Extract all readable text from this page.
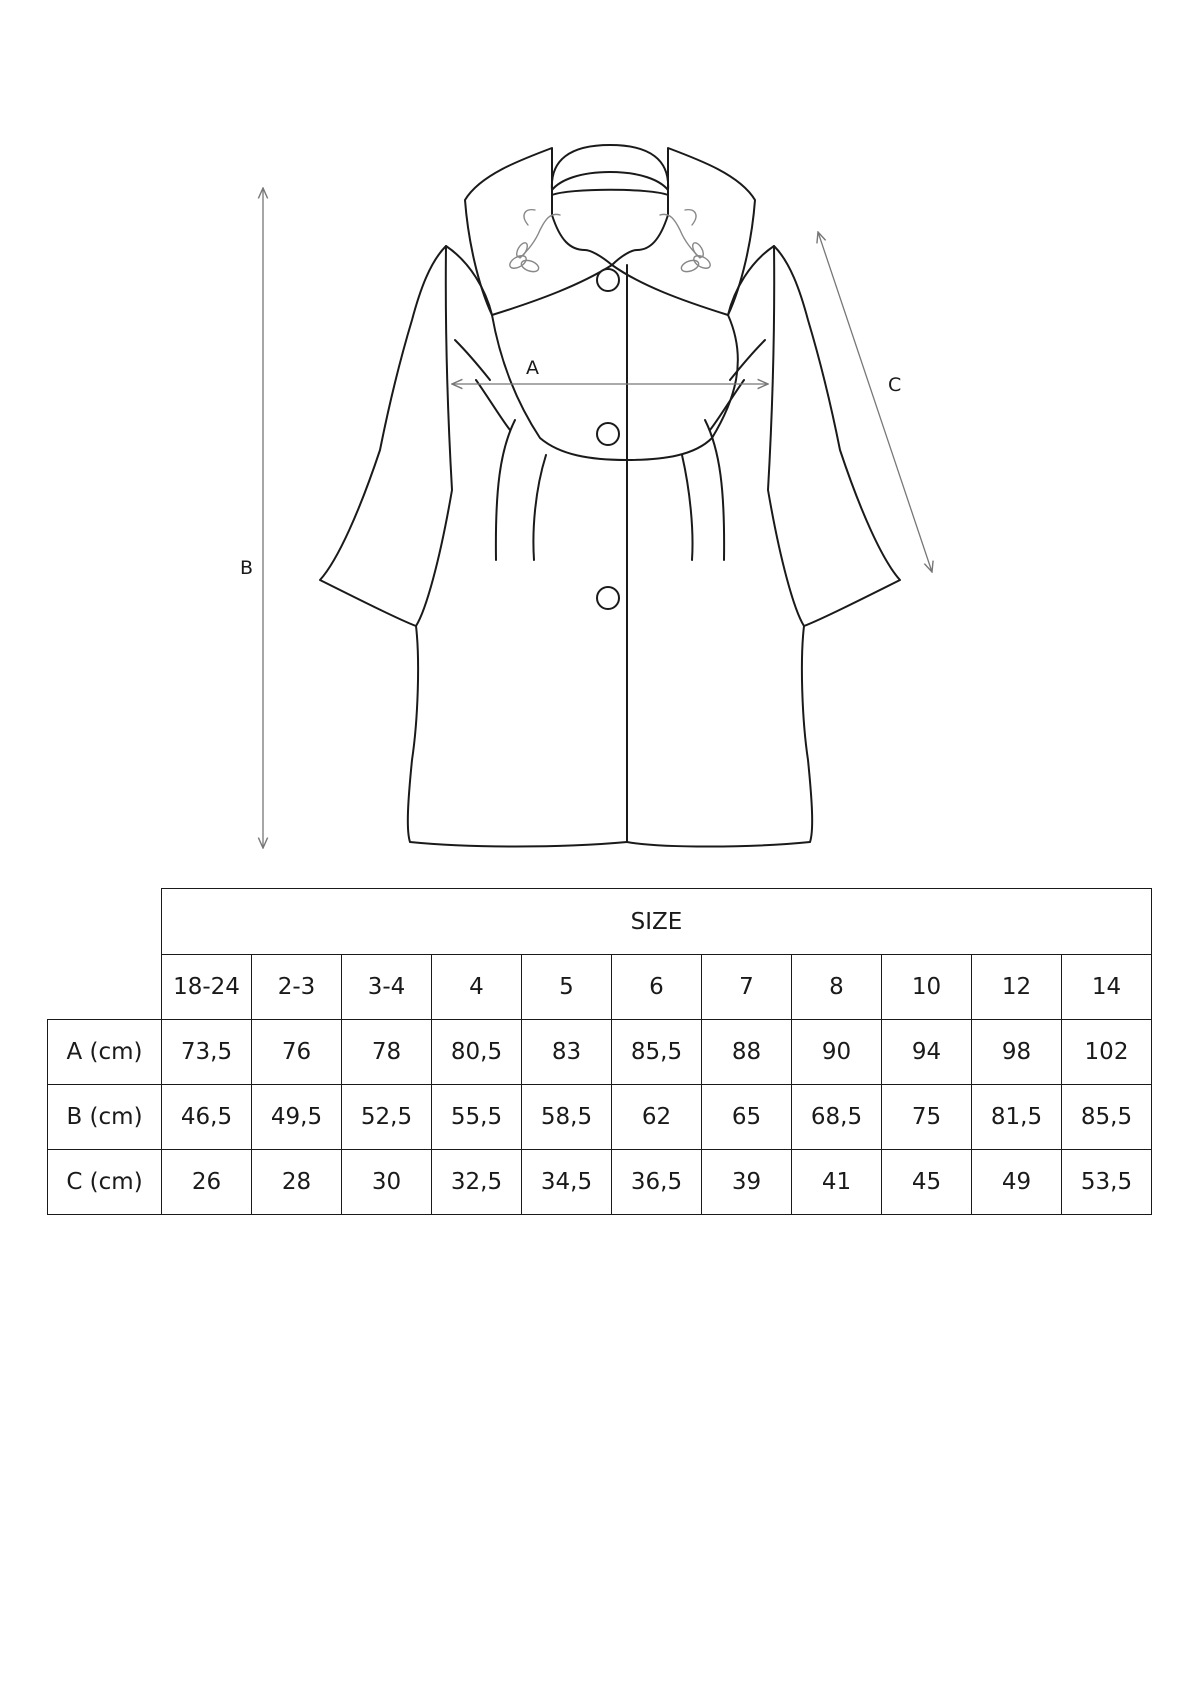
A
B
C
	SIZE										
	18-24	2-3	3-4	4	5	6	7	8	10	12	14
A (cm)	73,5	76	78	80,5	83	85,5	88	90	94	98	102
B (cm)	46,5	49,5	52,5	55,5	58,5	62	65	68,5	75	81,5	85,5
C (cm)	26	28	30	32,5	34,5	36,5	39	41	45	49	53,5
